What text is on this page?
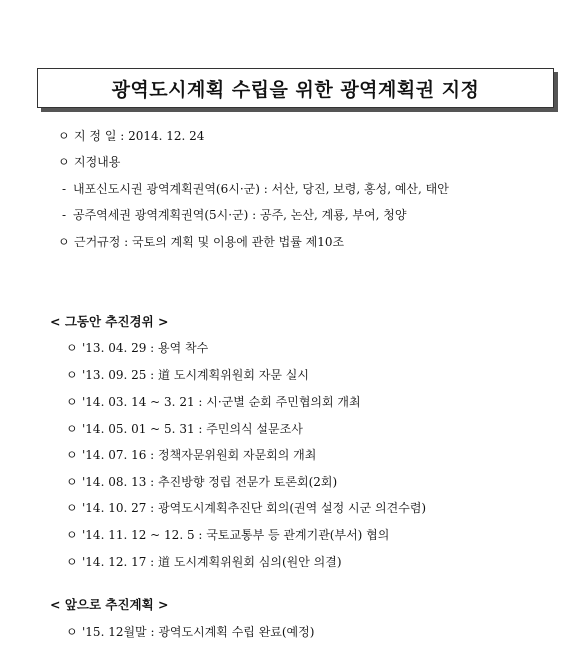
광역도시계획 수립을 위한 광역계획권 지정
ㅇ 지 정 일 : 2014. 12. 24
ㅇ 지정내용
- 내포신도시권 광역계획권역(6시·군) : 서산, 당진, 보령, 홍성, 예산, 태안
- 공주역세권 광역계획권역(5시·군) : 공주, 논산, 계룡, 부여, 청양
ㅇ 근거규정 : 국토의 계획 및 이용에 관한 법률 제10조
< 그동안 추진경위 >
ㅇ '13. 04. 29 : 용역 착수
ㅇ '13. 09. 25 : 道 도시계획위원회 자문 실시
ㅇ '14. 03. 14 ~ 3. 21 : 시·군별 순회 주민협의회 개최
ㅇ '14. 05. 01 ~ 5. 31 : 주민의식 설문조사
ㅇ '14. 07. 16 : 정책자문위원회 자문회의 개최
ㅇ '14. 08. 13 : 추진방향 정립 전문가 토론회(2회)
ㅇ '14. 10. 27 : 광역도시계획추진단 회의(권역 설정 시군 의견수렴)
ㅇ '14. 11. 12 ~ 12. 5 : 국토교통부 등 관계기관(부서) 협의
ㅇ '14. 12. 17 : 道 도시계획위원회 심의(원안 의결)
< 앞으로 추진계획 >
ㅇ '15. 12월말 : 광역도시계획 수립 완료(예정)
